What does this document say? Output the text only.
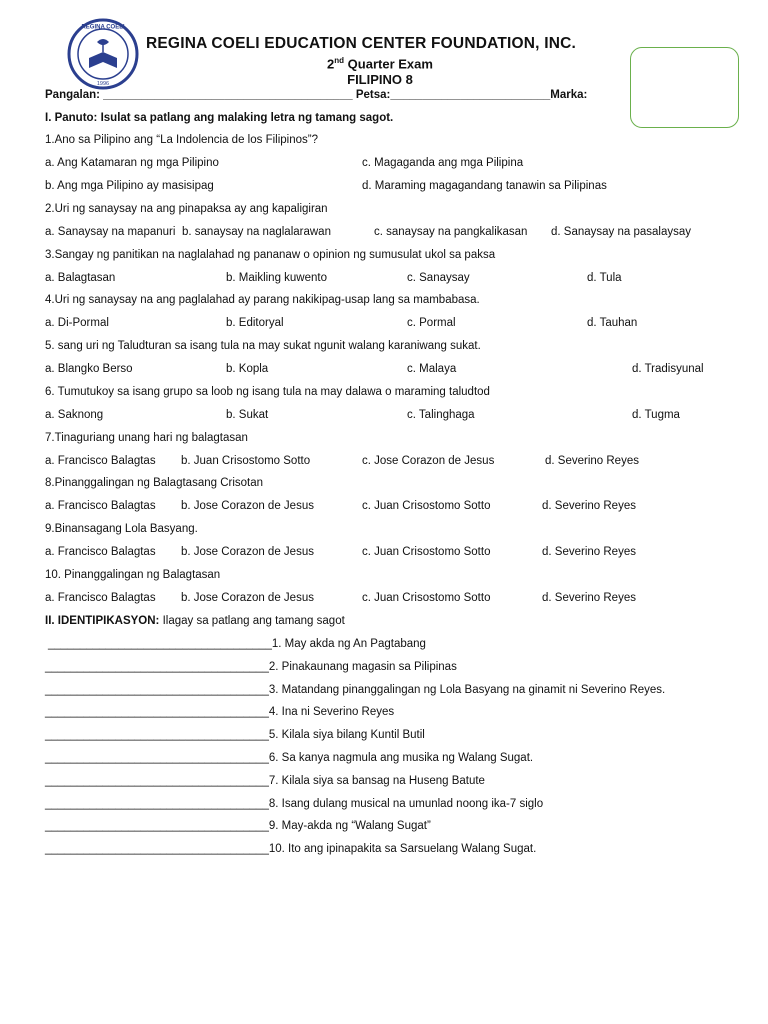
REGINA COELI
1996
REGINA COELI EDUCATION CENTER FOUNDATION, INC.
2nd Quarter Exam
FILIPINO 8
Pangalan: _______________________________________ Petsa:_________________________Marka:
I. Panuto: Isulat sa patlang ang malaking letra ng tamang sagot.
1.Ano sa Pilipino ang “La Indolencia de los Filipinos”?
a. Ang Katamaran ng mga Pilipino	c. Magaganda ang mga Pilipina
b. Ang mga Pilipino ay masisipag	d. Maraming magagandang tanawin sa Pilipinas
2.Uri ng sanaysay na ang pinapaksa ay ang kapaligiran
a. Sanaysay na mapanuri b. sanaysay na naglalarawan	c. sanaysay na pangkalikasan d. Sanaysay na pasalaysay
3.Sangay ng panitikan na naglalahad ng pananaw o opinion ng sumusulat ukol sa paksa
a. Balagtasan	b. Maikling kuwento	c. Sanaysay	d. Tula
4.Uri ng sanaysay na ang paglalahad ay parang nakikipag-usap lang sa mambabasa.
a. Di-Pormal	b. Editoryal	c. Pormal	d. Tauhan
5. sang uri ng Taludturan sa isang tula na may sukat ngunit walang karaniwang sukat.
a. Blangko Berso	b. Kopla	c. Malaya	d. Tradisyunal
6. Tumutukoy sa isang grupo sa loob ng isang tula na may dalawa o maraming taludtod
a. Saknong	b. Sukat	c. Talinghaga	d. Tugma
7.Tinaguriang unang hari ng balagtasan
a. Francisco Balagtas b. Juan Crisostomo Sotto	c. Jose Corazon de Jesus	d. Severino Reyes
8.Pinanggalingan ng Balagtasang Crisotan
a. Francisco Balagtas b. Jose Corazon de Jesus	c. Juan Crisostomo Sotto	d. Severino Reyes
9.Binansagang Lola Basyang.
a. Francisco Balagtas b. Jose Corazon de Jesus	c. Juan Crisostomo Sotto	d. Severino Reyes
10. Pinanggalingan ng Balagtasan
a. Francisco Balagtas b. Jose Corazon de Jesus	c. Juan Crisostomo Sotto	d. Severino Reyes
II. IDENTIPIKASYON: Ilagay sa patlang ang tamang sagot
___________________________________1. May akda ng An Pagtabang
___________________________________2. Pinakaunang magasin sa Pilipinas
___________________________________3. Matandang pinanggalingan ng Lola Basyang na ginamit ni Severino Reyes.
___________________________________4. Ina ni Severino Reyes
___________________________________5. Kilala siya bilang Kuntil Butil
___________________________________6. Sa kanya nagmula ang musika ng Walang Sugat.
___________________________________7. Kilala siya sa bansag na Huseng Batute
___________________________________8. Isang dulang musical na umunlad noong ika-7 siglo
___________________________________9. May-akda ng “Walang Sugat”
___________________________________10. Ito ang ipinapakita sa Sarsuelang Walang Sugat.
